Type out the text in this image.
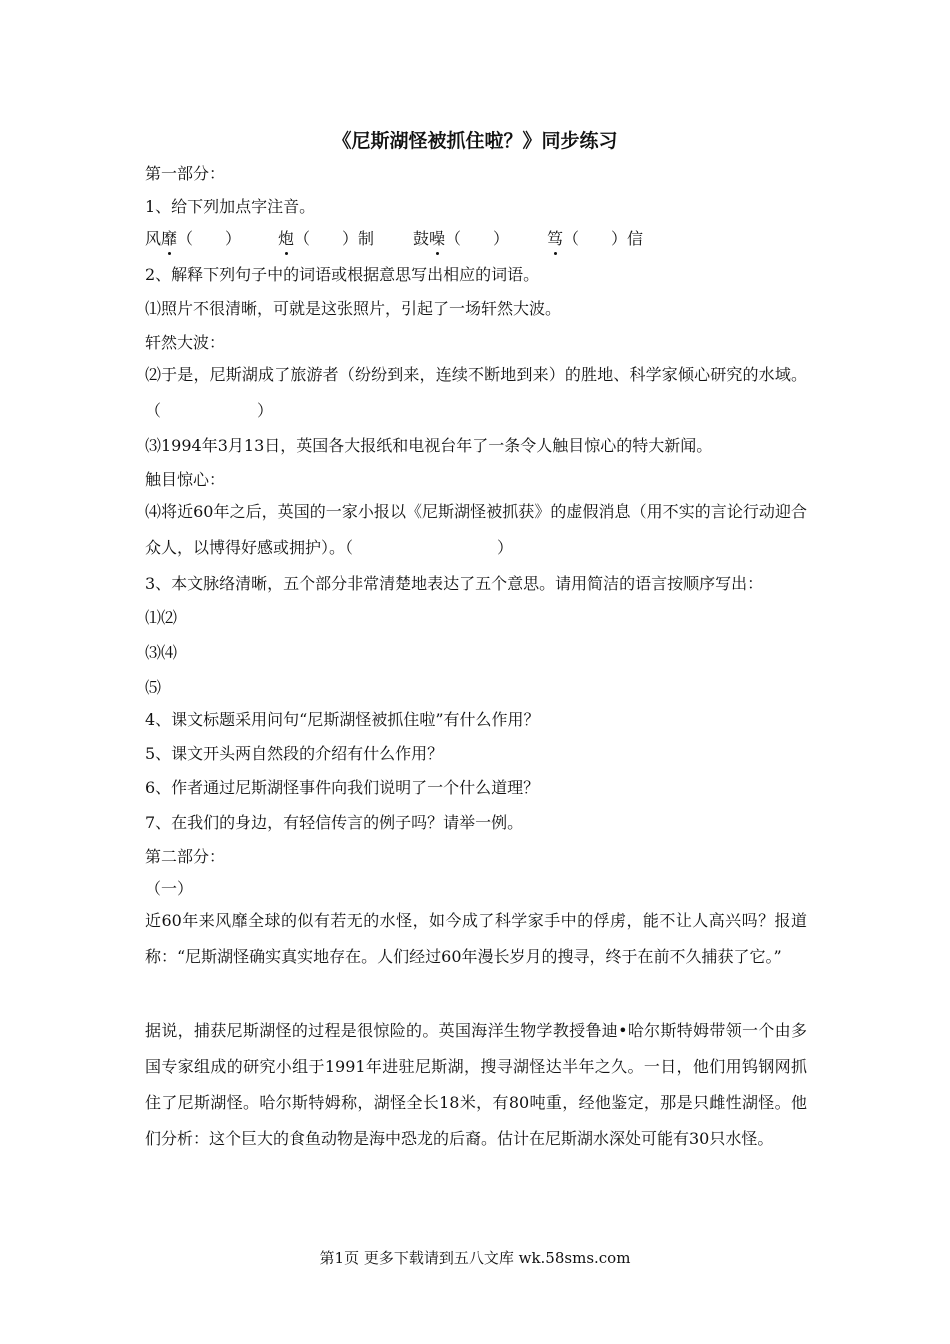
《尼斯湖怪被抓住啦？》同步练习
第一部分：
1、给下列加点字注音。
风靡（　　） 炮（　　）制 鼓噪（　　） 笃（　　）信
2、解释下列句子中的词语或根据意思写出相应的词语。
⑴照片不很清晰，可就是这张照片，引起了一场轩然大波。
轩然大波：
⑵于是，尼斯湖成了旅游者（纷纷到来，连续不断地到来）的胜地、科学家倾心研究的水域。（　　　　　　）
⑶1994年3月13日，英国各大报纸和电视台年了一条令人触目惊心的特大新闻。
触目惊心：
⑷将近60年之后，英国的一家小报以《尼斯湖怪被抓获》的虚假消息（用不实的言论行动迎合众人，以博得好感或拥护）。（　　　　　　　　　）
3、本文脉络清晰，五个部分非常清楚地表达了五个意思。请用简洁的语言按顺序写出：
⑴⑵
⑶⑷
⑸
4、课文标题采用问句“尼斯湖怪被抓住啦”有什么作用？
5、课文开头两自然段的介绍有什么作用？
6、作者通过尼斯湖怪事件向我们说明了一个什么道理？
7、在我们的身边，有轻信传言的例子吗？请举一例。
第二部分：
（一）
近60年来风靡全球的似有若无的水怪，如今成了科学家手中的俘虏，能不让人高兴吗？报道称：“尼斯湖怪确实真实地存在。人们经过60年漫长岁月的搜寻，终于在前不久捕获了它。”
据说，捕获尼斯湖怪的过程是很惊险的。英国海洋生物学教授鲁迪•哈尔斯特姆带领一个由多国专家组成的研究小组于1991年进驻尼斯湖，搜寻湖怪达半年之久。一日，他们用钨钢网抓住了尼斯湖怪。哈尔斯特姆称，湖怪全长18米，有80吨重，经他鉴定，那是只雌性湖怪。他们分析：这个巨大的食鱼动物是海中恐龙的后裔。估计在尼斯湖水深处可能有30只水怪。
第1页 更多下载请到五八文库 wk.58sms.com
